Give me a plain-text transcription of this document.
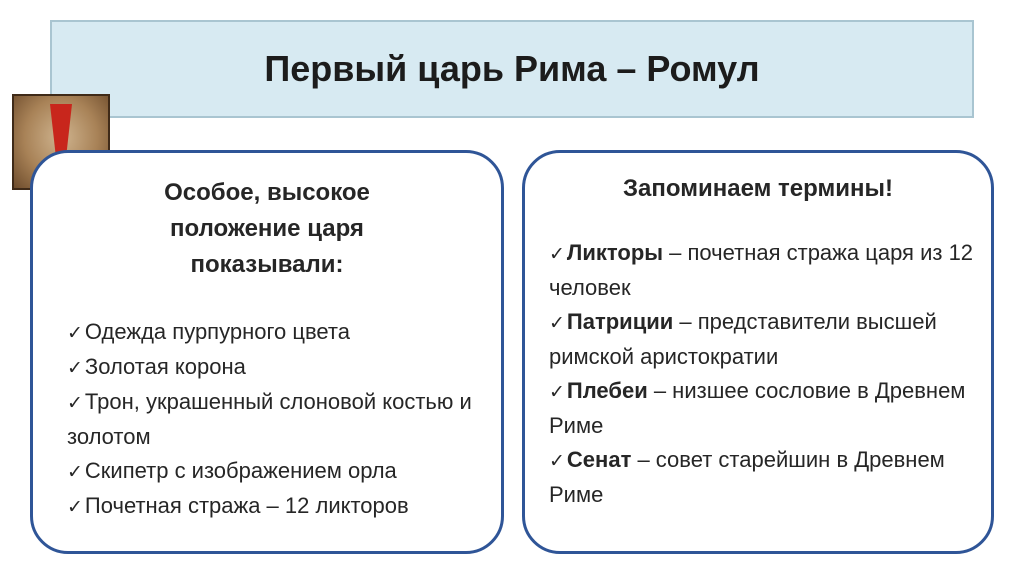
Первый царь Рима – Ромул
Особое, высокое
положение царя
показывали:
✓Одежда пурпурного цвета
✓Золотая корона
✓Трон, украшенный слоновой костью и золотом
✓Скипетр с изображением орла
✓Почетная стража – 12 ликторов
Запоминаем термины!
✓Ликторы – почетная стража царя из 12 человек
✓Патриции – представители высшей римской аристократии
✓Плебеи – низшее сословие в Древнем Риме
✓Сенат – совет старейшин в Древнем Риме
